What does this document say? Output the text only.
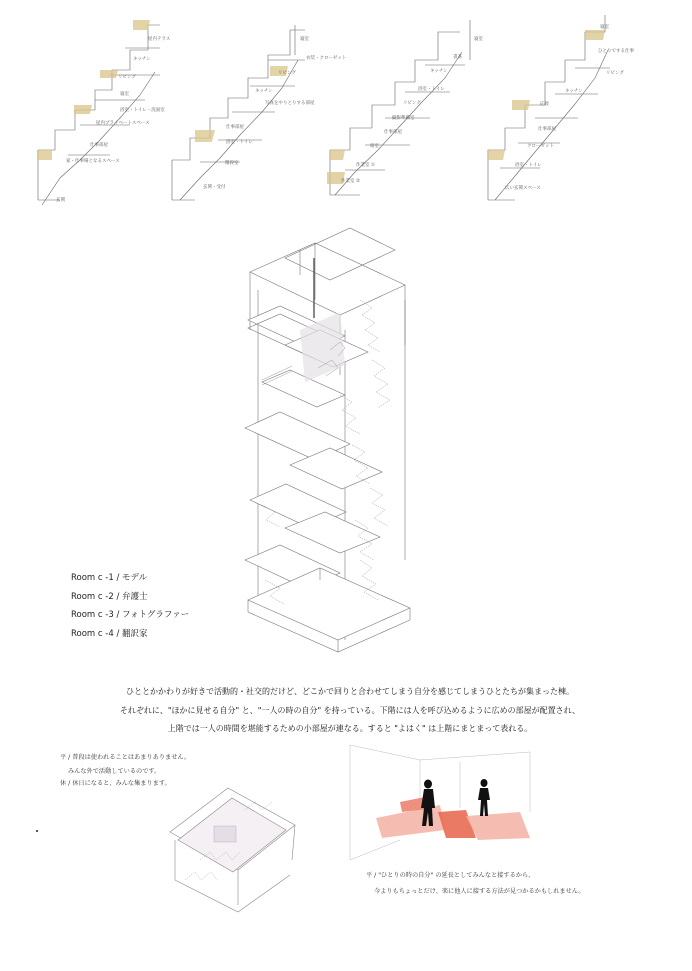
屋内テラス
キッチン
リビング
寝室
浴室・トイレ・洗面室
屋内プライベートスペース
仕事部屋
家・仕事場となるスペース
玄関
寝室
衣装・クローゼット
リビング
キッチン
仕事部屋
浴室・トイレ
階段室
写真をやりとりする部屋
玄関・受付
寝室
書斎
キッチン
浴室・トイレ
リビング
撮影準備室
仕事部屋
暗室
作業室 ①
作業室 ②
寝室
ひとりでする仕事
リビング
キッチン
応接
仕事部屋
クローゼット
浴室・トイレ
広い玄関スペース
Room c -1 / モデル
Room c -2 / 弁護士
Room c -3 / フォトグラファー
Room c -4 / 翻訳家
ひととかかわりが好きで活動的・社交的だけど、どこかで回りと合わせてしまう自分を感じてしまうひとたちが集まった棟。
それぞれに、"ほかに見せる自分" と、"一人の時の自分" を持っている。下階には人を呼び込めるように広めの部屋が配置され、
上階では一人の時間を堪能するための小部屋が連なる。すると "よはく" は上階にまとまって表れる。
平 / 普段は使われることはあまりありません。
みんな外で活動しているのです。
休 / 休日になると、みんな集まります。
平 / "ひとりの時の自分" の延長としてみんなと接するから、
今よりもちょっとだけ、楽に他人に接する方法が見つかるかもしれません。
